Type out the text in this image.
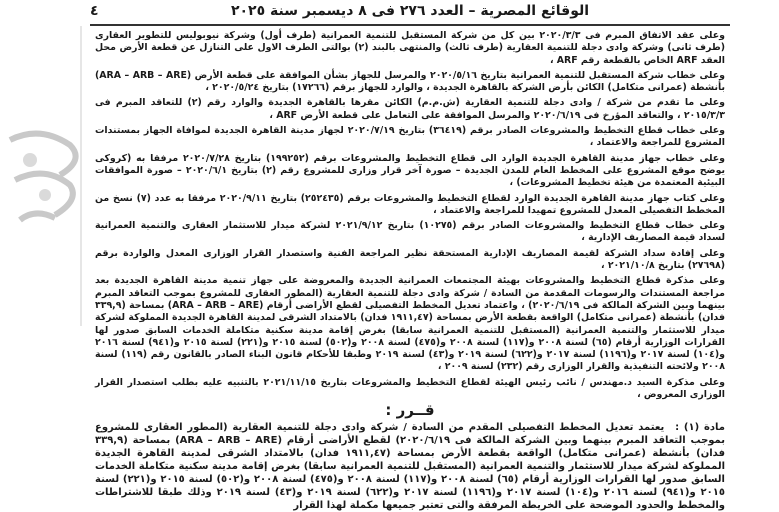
٤	الوقائع المصرية – العدد ٢٧٦ فى ٨ ديسمبر سنة ٢٠٢٥

وعلى عقد الاتفاق المبرم فى ٢٠٢٠/٣/٣ بين كل من شركة المستقبل للتنمية العمرانية (طرف أول) وشركة نيوبوليس للتطوير العقارى (طرف ثانى) وشركة وادى دجلة للتنمية العقارية (طرف ثالث) والمنتهى بالبند (٢) بوالتى الطرف الاول على التنازل عن قطعة الأرض محل العقد ARF الخاص بالقطعة رقم ARF ،

وعلى خطاب شركة المستقبل للتنمية العمرانية بتاريخ ٢٠٢٠/٥/١٦ والمرسل للجهاز بشأن الموافقة على قطعة الأرض (ARA – ARB – ARE) بأنشطة (عمرانى متكامل) الكائن بأرض الشركة بالقاهرة الجديدة ، والوارد للجهاز برقم (١٧٢٦٦) بتاريخ ٢٠٢٠/٥/٢٤ ،

وعلى ما تقدم من شركة / وادى دجلة للتنمية العقارية (ش.م.م) الكائن مقرها بالقاهرة الجديدة والوارد رقم (٢) للتعاقد المبرم فى ٢٠١٥/٣/٣ ، والتعاقد المؤرخ فى ٢٠٢٠/٦/١٩ والمرسل الموافقة على التعامل على قطعة الأرض ARF ،

وعلى خطاب قطاع التخطيط والمشروعات الصادر برقم (٣٦٤١٩) بتاريخ ٢٠٢٠/٧/١٩ لجهاز مدينة القاهرة الجديدة لموافاة الجهاز بمستندات المشروع للمراجعة والاعتماد ،

وعلى خطاب جهاز مدينة القاهرة الجديدة الوارد الى قطاع التخطيط والمشروعات برقم (١٩٩٢٥٢) بتاريخ ٢٠٢٠/٧/٢٨ مرفقا به (كروكى يوضح موقع المشروع على المخطط العام للمدن الجديدة – صورة آخر قرار وزارى للمشروع رقم (٢) بتاريخ ٢٠٢٠/٦/١ – صورة الموافقات البيئية المعتمدة من هيئة تخطيط المشروعات) ،

وعلى كتاب جهاز مدينة القاهرة الجديدة الوارد لقطاع التخطيط والمشروعات برقم (٢٥٢٤٣٥) بتاريخ ٢٠٢٠/٩/١١ مرفقا به عدد (٧) نسخ من المخطط التفصيلى المعدل للمشروع تمهيدا للمراجعة والاعتماد ،

وعلى خطاب قطاع التخطيط والمشروعات الصادر برقم (١٠٢٧٥) بتاريخ ٢٠٢١/٩/١٢ لشركة ميدار للاستثمار العقارى والتنمية العمرانية لسداد قيمة المصاريف الإدارية ،

وعلى إفادة سداد الشركة لقيمة المصاريف الإدارية المستحقة نظير المراجعة الفنية واستصدار القرار الوزارى المعدل والواردة برقم (٢٧٦٩٨) بتاريخ ٢٠٢١/١٠/٨ ،

وعلى مذكرة قطاع التخطيط والمشروعات بهيئة المجتمعات العمرانية الجديدة والمعروضة على جهاز تنمية مدينة القاهرة الجديدة بعد مراجعة المستندات والرسومات المقدمة من السادة / شركة وادى دجلة للتنمية العقارية (المطور العقارى للمشروع بموجب التعاقد المبرم بينهما وبين الشركة المالكة فى ٢٠٢٠/٦/١٩) ، واعتماد تعديل المخطط التفصيلى لقطع الأراضى أرقام (ARA – ARB – ARE) بمساحة (٣٣٩,٩ فدان) بأنشطة (عمرانى متكامل) الواقعة بقطعة الأرض بمساحة (١٩١١,٤٧ فدان) بالامتداد الشرقى لمدينة القاهرة الجديدة المملوكة لشركة ميدار للاستثمار والتنمية العمرانية (المستقبل للتنمية العمرانية سابقا) بغرض إقامة مدينة سكنية متكاملة الخدمات السابق صدور لها القرارات الوزارية أرقام (٦٥) لسنة ٢٠٠٨ و(١١٧) لسنة ٢٠٠٨ و(٤٧٥) لسنة ٢٠٠٨ و(٥٠٢) لسنة ٢٠١٥ و(٢٢١) لسنة ٢٠١٥ و(٩٤١) لسنة ٢٠١٦ و(١٠٤) لسنة ٢٠١٧ و(١١٩٦) لسنة ٢٠١٧ و(٦٢٢) لسنة ٢٠١٩ و(٤٣) لسنة ٢٠١٩ وطبقا للأحكام قانون البناء الصادر بالقانون رقم (١١٩) لسنة ٢٠٠٨ ولائحته التنفيذية والقرار الوزارى رقم (٢٣٢) لسنة ٢٠٠٩ ،

وعلى مذكرة السيد د.مهندس / نائب رئيس الهيئة لقطاع التخطيط والمشروعات بتاريخ ٢٠٢١/١١/١٥ بالتنبيه عليه بطلب استصدار القرار الوزارى المعروض ،

قــرر :

مادة (١) : يعتمد تعديل المخطط التفصيلى المقدم من السادة / شركة وادى دجلة للتنمية العقارية (المطور العقارى للمشروع بموجب التعاقد المبرم بينهما وبين الشركة المالكة فى ٢٠٢٠/٦/١٩) لقطع الأراضى أرقام (ARA – ARB – ARE) بمساحة (٣٣٩,٩ فدان) بأنشطة (عمرانى متكامل) الواقعة بقطعة الأرض بمساحة (١٩١١,٤٧ فدان) بالامتداد الشرقى لمدينة القاهرة الجديدة المملوكة لشركة ميدار للاستثمار والتنمية العمرانية (المستقبل للتنمية العمرانية سابقا) بغرض إقامة مدينة سكنية متكاملة الخدمات السابق صدور لها القرارات الوزارية أرقام (٦٥) لسنة ٢٠٠٨ و(١١٧) لسنة ٢٠٠٨ و(٤٧٥) لسنة ٢٠٠٨ و(٥٠٢) لسنة ٢٠١٥ و(٢٢١) لسنة ٢٠١٥ و(٩٤١) لسنة ٢٠١٦ و(١٠٤) لسنة ٢٠١٧ و(١١٩٦) لسنة ٢٠١٧ و(٦٢٢) لسنة ٢٠١٩ و(٤٣) لسنة ٢٠١٩ وذلك طبقا للاشتراطات والمخطط والحدود الموضحة على الخريطة المرفقة والتى تعتبر جميعها مكملة لهذا القرار
